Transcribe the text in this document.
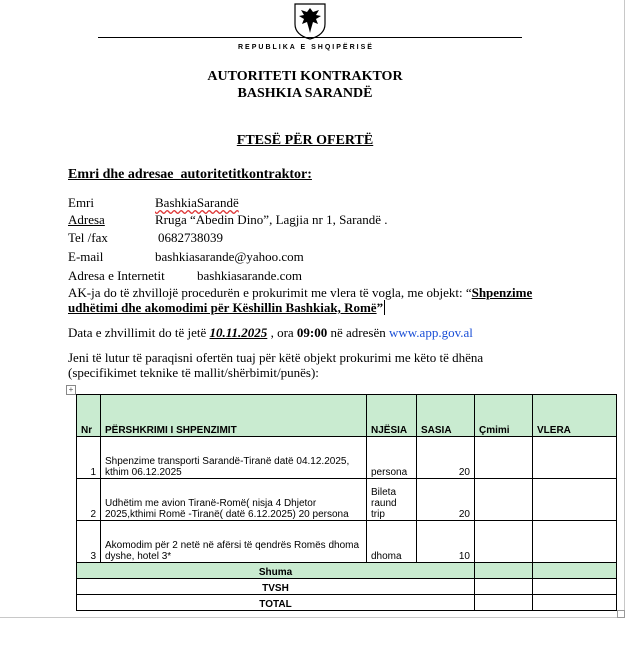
REPUBLIKA E SHQIPËRISË
AUTORITETI KONTRAKTOR
BASHKIA SARANDË
FTESË PËR OFERTË
Emri dhe adresae_autoritetitkontraktor:
Emri	BashkiaSarandë
Adresa	Rruga “Abedin Dino”, Lagjia nr 1, Sarandë .
Tel /fax	0682738039
E-mail	bashkiasarande@yahoo.com
Adresa e Internetit bashkiasarande.com
AK-ja do të zhvillojë procedurën e prokurimit me vlera të vogla, me objekt: “Shpenzime
udhëtimi dhe akomodimi për Këshillin Bashkiak, Romë”
Data e zhvillimit do të jetë 10.11.2025 , ora 09:00 në adresën www.app.gov.al
Jeni të lutur të paraqisni ofertën tuaj për këtë objekt prokurimi me këto të dhëna
(specifikimet teknike të mallit/shërbimit/punës):
+
Nr	PËRSHKRIMI I SHPENZIMIT	NJËSIA	SASIA	Çmimi	VLERA
1	Shpenzime transporti Sarandë-Tiranë datë 04.12.2025, kthim 06.12.2025	persona	20		
2	Udhëtim me avion Tiranë-Romë( nisja 4 Dhjetor 2025,kthimi Romë -Tiranë( datë 6.12.2025) 20 persona	Bileta raund trip	20		
3	Akomodim për 2 netë në afërsi të qendrës Romës dhoma dyshe, hotel 3*	dhoma	10		
Shuma					
TVSH					
TOTAL					
